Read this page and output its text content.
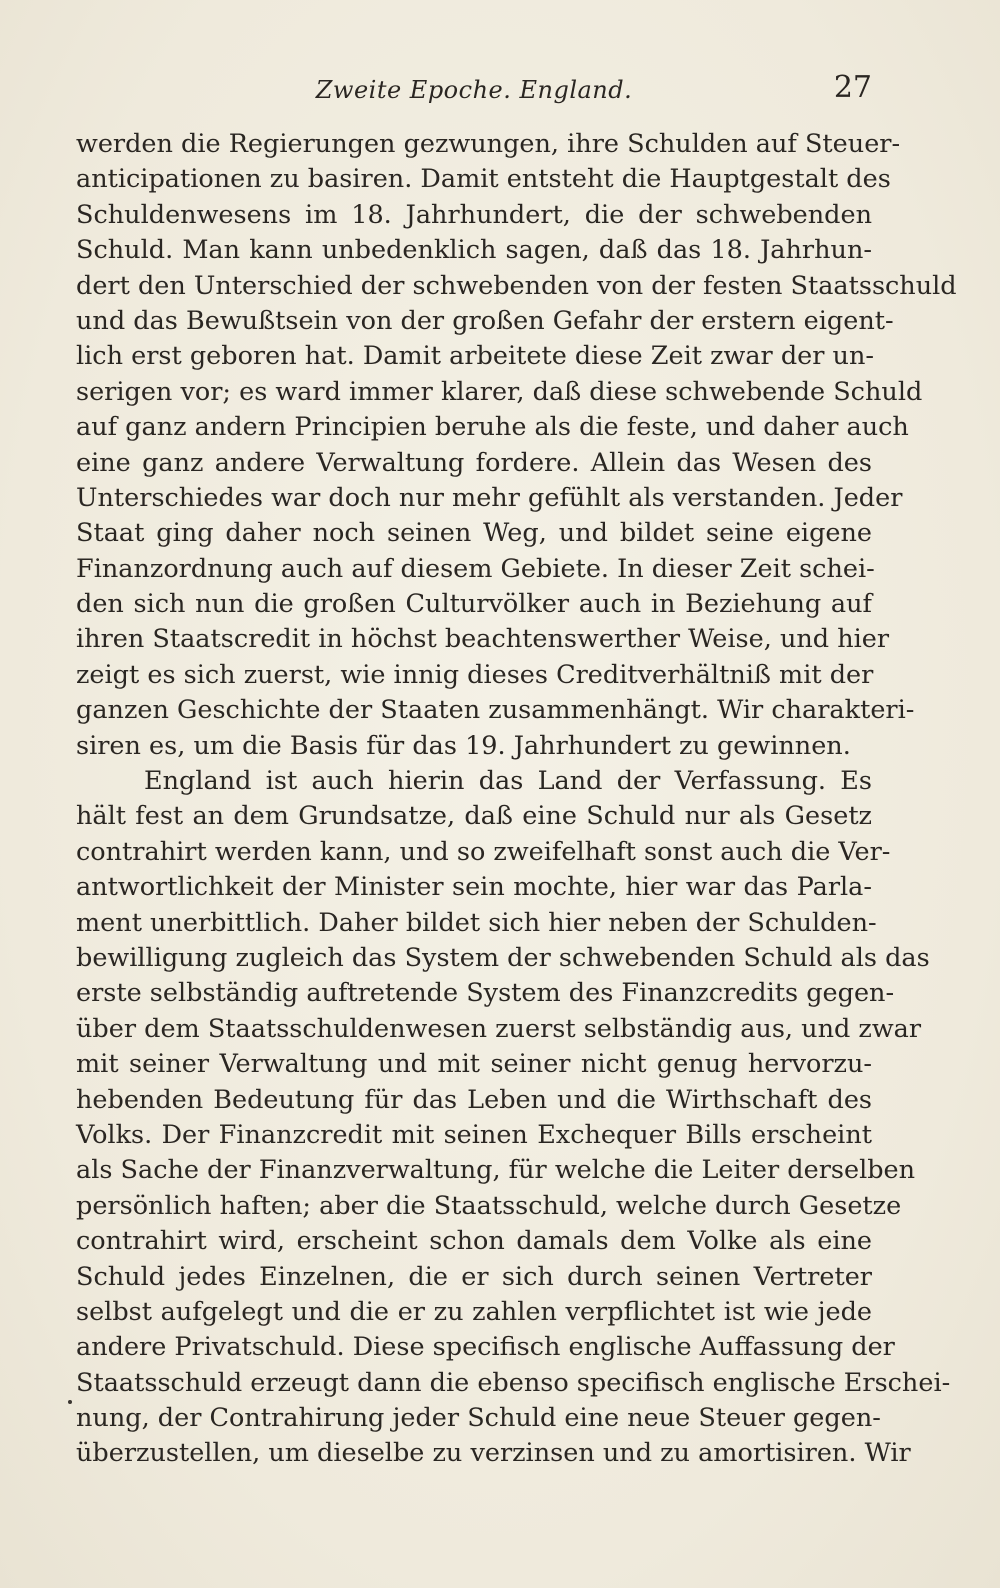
Zweite Epoche. England.	27
werden die Regierungen gezwungen, ihre Schulden auf Steuer-
anticipationen zu basiren. Damit entsteht die Hauptgestalt des
Schuldenwesens im 18. Jahrhundert, die der schwebenden
Schuld. Man kann unbedenklich sagen, daß das 18. Jahrhun-
dert den Unterschied der schwebenden von der festen Staatsschuld
und das Bewußtsein von der großen Gefahr der erstern eigent-
lich erst geboren hat. Damit arbeitete diese Zeit zwar der un-
serigen vor; es ward immer klarer, daß diese schwebende Schuld
auf ganz andern Principien beruhe als die feste, und daher auch
eine ganz andere Verwaltung fordere. Allein das Wesen des
Unterschiedes war doch nur mehr gefühlt als verstanden. Jeder
Staat ging daher noch seinen Weg, und bildet seine eigene
Finanzordnung auch auf diesem Gebiete. In dieser Zeit schei-
den sich nun die großen Culturvölker auch in Beziehung auf
ihren Staatscredit in höchst beachtenswerther Weise, und hier
zeigt es sich zuerst, wie innig dieses Creditverhältniß mit der
ganzen Geschichte der Staaten zusammenhängt. Wir charakteri-
siren es, um die Basis für das 19. Jahrhundert zu gewinnen.
England ist auch hierin das Land der Verfassung. Es
hält fest an dem Grundsatze, daß eine Schuld nur als Gesetz
contrahirt werden kann, und so zweifelhaft sonst auch die Ver-
antwortlichkeit der Minister sein mochte, hier war das Parla-
ment unerbittlich. Daher bildet sich hier neben der Schulden-
bewilligung zugleich das System der schwebenden Schuld als das
erste selbständig auftretende System des Finanzcredits gegen-
über dem Staatsschuldenwesen zuerst selbständig aus, und zwar
mit seiner Verwaltung und mit seiner nicht genug hervorzu-
hebenden Bedeutung für das Leben und die Wirthschaft des
Volks. Der Finanzcredit mit seinen Exchequer Bills erscheint
als Sache der Finanzverwaltung, für welche die Leiter derselben
persönlich haften; aber die Staatsschuld, welche durch Gesetze
contrahirt wird, erscheint schon damals dem Volke als eine
Schuld jedes Einzelnen, die er sich durch seinen Vertreter
selbst aufgelegt und die er zu zahlen verpflichtet ist wie jede
andere Privatschuld. Diese specifisch englische Auffassung der
Staatsschuld erzeugt dann die ebenso specifisch englische Erschei-
nung, der Contrahirung jeder Schuld eine neue Steuer gegen-
überzustellen, um dieselbe zu verzinsen und zu amortisiren. Wir
